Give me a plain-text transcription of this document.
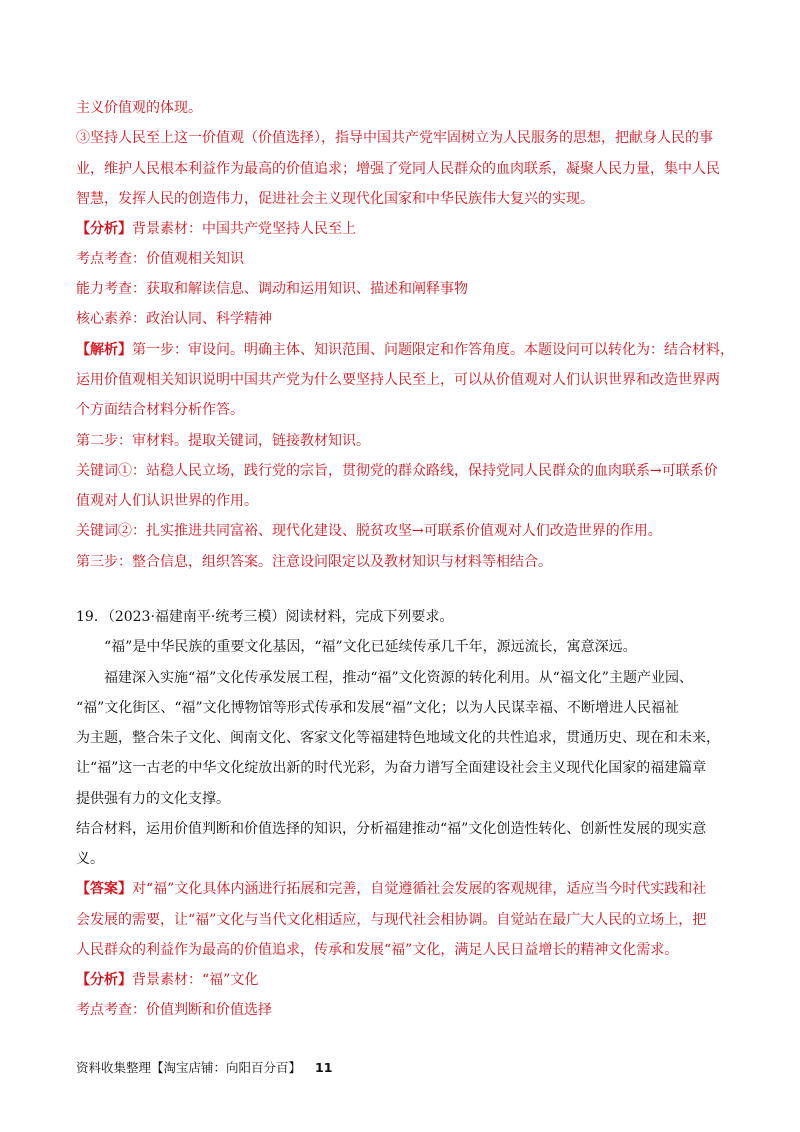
主义价值观的体现。
③坚持人民至上这一价值观（价值选择），指导中国共产党牢固树立为人民服务的思想，把献身人民的事
业，维护人民根本利益作为最高的价值追求；增强了党同人民群众的血肉联系，凝聚人民力量，集中人民
智慧，发挥人民的创造伟力，促进社会主义现代化国家和中华民族伟大复兴的实现。
【分析】背景素材：中国共产党坚持人民至上
考点考查：价值观相关知识
能力考查：获取和解读信息、调动和运用知识、描述和阐释事物
核心素养：政治认同、科学精神
【解析】第一步：审设问。明确主体、知识范围、问题限定和作答角度。本题设问可以转化为：结合材料，
运用价值观相关知识说明中国共产党为什么要坚持人民至上，可以从价值观对人们认识世界和改造世界两
个方面结合材料分析作答。
第二步：审材料。提取关键词，链接教材知识。
关键词①：站稳人民立场，践行党的宗旨，贯彻党的群众路线，保持党同人民群众的血肉联系→可联系价
值观对人们认识世界的作用。
关键词②：扎实推进共同富裕、现代化建设、脱贫攻坚→可联系价值观对人们改造世界的作用。
第三步：整合信息，组织答案。注意设问限定以及教材知识与材料等相结合。
19．（2023·福建南平·统考三模）阅读材料，完成下列要求。
“福”是中华民族的重要文化基因，“福”文化已延续传承几千年，源远流长，寓意深远。
福建深入实施“福”文化传承发展工程，推动“福”文化资源的转化利用。从“福文化”主题产业园、
“福”文化街区、“福”文化博物馆等形式传承和发展“福”文化；以为人民谋幸福、不断增进人民福祉
为主题，整合朱子文化、闽南文化、客家文化等福建特色地域文化的共性追求，贯通历史、现在和未来，
让“福”这一古老的中华文化绽放出新的时代光彩，为奋力谱写全面建设社会主义现代化国家的福建篇章
提供强有力的文化支撑。
结合材料，运用价值判断和价值选择的知识，分析福建推动“福”文化创造性转化、创新性发展的现实意
义。
【答案】对“福”文化具体内涵进行拓展和完善，自觉遵循社会发展的客观规律，适应当今时代实践和社
会发展的需要，让“福”文化与当代文化相适应，与现代社会相协调。自觉站在最广大人民的立场上，把
人民群众的利益作为最高的价值追求，传承和发展“福”文化，满足人民日益增长的精神文化需求。
【分析】背景素材：“福”文化
考点考查：价值判断和价值选择
资料收集整理【淘宝店铺：向阳百分百】 11
